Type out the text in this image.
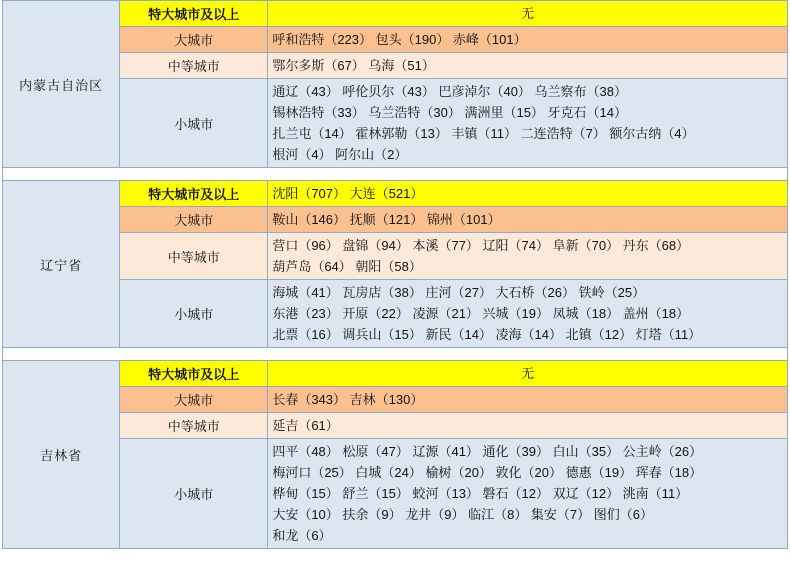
内蒙古自治区	特大城市及以上	无

	大城市	呼和浩特（223） 包头（190） 赤峰（101）

	中等城市	鄂尔多斯（67） 乌海（51）

	小城市	通辽（43） 呼伦贝尔（43） 巴彦淖尔（40） 乌兰察布（38）
锡林浩特（33） 乌兰浩特（30） 满洲里（15） 牙克石（14）
扎兰屯（14） 霍林郭勒（13） 丰镇（11） 二连浩特（7） 额尔古纳（4）
根河（4） 阿尔山（2）

辽宁省	特大城市及以上	沈阳（707） 大连（521）

	大城市	鞍山（146） 抚顺（121） 锦州（101）

	中等城市	营口（96） 盘锦（94） 本溪（77） 辽阳（74） 阜新（70） 丹东（68）
葫芦岛（64） 朝阳（58）

	小城市	海城（41） 瓦房店（38） 庄河（27） 大石桥（26） 铁岭（25）
东港（23） 开原（22） 凌源（21） 兴城（19） 凤城（18） 盖州（18）
北票（16） 调兵山（15） 新民（14） 凌海（14） 北镇（12） 灯塔（11）

吉林省	特大城市及以上	无

	大城市	长春（343） 吉林（130）

	中等城市	延吉（61）

	小城市	四平（48） 松原（47） 辽源（41） 通化（39） 白山（35） 公主岭（26）
梅河口（25） 白城（24） 榆树（20） 敦化（20） 德惠（19） 珲春（18）
桦甸（15） 舒兰（15） 蛟河（13） 磐石（12） 双辽（12） 洮南（11）
大安（10） 扶余（9） 龙井（9） 临江（8） 集安（7） 图们（6）
和龙（6）
